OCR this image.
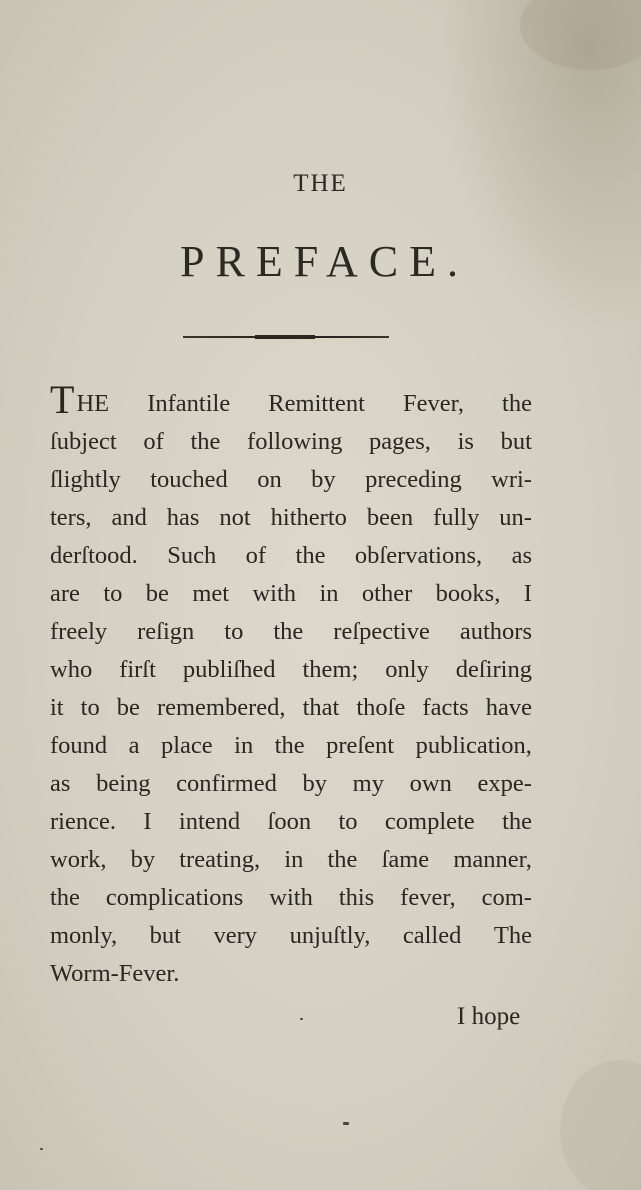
THE
PREFACE.
THE Infantile Remittent Fever, the
ſubject of the following pages, is but
ſlightly touched on by preceding wri-
ters, and has not hitherto been fully un-
derſtood. Such of the obſervations, as
are to be met with in other books, I
freely reſign to the reſpective authors
who firſt publiſhed them; only deſiring
it to be remembered, that thoſe facts have
found a place in the preſent publication,
as being confirmed by my own expe-
rience. I intend ſoon to complete the
work, by treating, in the ſame manner,
the complications with this fever, com-
monly, but very unjuſtly, called The
Worm-Fever.
I hope
